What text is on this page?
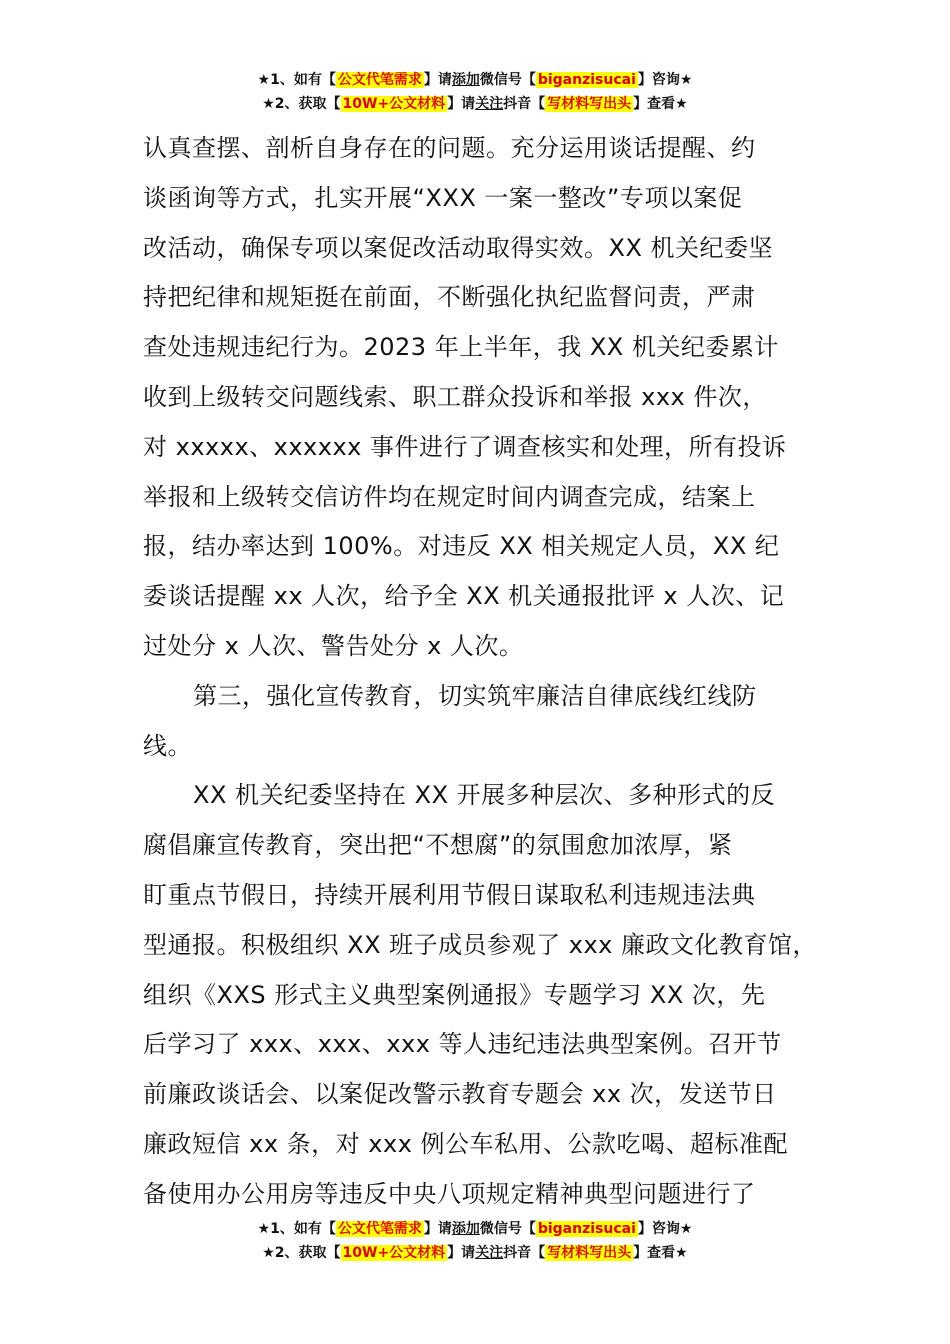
★1、如有【 公文代笔需求 】请添加微信号【 biganzisucai 】咨询★
★2、获取【 10W+公文材料 】请关注抖音【 写材料写出头 】查看★
认真查摆、剖析自身存在的问题。充分运用谈话提醒、约
谈函询等方式，扎实开展“XXX 一案一整改”专项以案促
改活动，确保专项以案促改活动取得实效。XX 机关纪委坚
持把纪律和规矩挺在前面，不断强化执纪监督问责，严肃
查处违规违纪行为。2023 年上半年，我 XX 机关纪委累计
收到上级转交问题线索、职工群众投诉和举报 xxx 件次，
对 xxxxx、xxxxxx 事件进行了调查核实和处理，所有投诉
举报和上级转交信访件均在规定时间内调查完成，结案上
报，结办率达到 100%。对违反 XX 相关规定人员，XX 纪
委谈话提醒 xx 人次，给予全 XX 机关通报批评 x 人次、记
过处分 x 人次、警告处分 x 人次。
第三，强化宣传教育，切实筑牢廉洁自律底线红线防
线。
XX 机关纪委坚持在 XX 开展多种层次、多种形式的反
腐倡廉宣传教育，突出把“不想腐”的氛围愈加浓厚，紧
盯重点节假日，持续开展利用节假日谋取私利违规违法典
型通报。积极组织 XX 班子成员参观了 xxx 廉政文化教育馆，
组织《XXS 形式主义典型案例通报》专题学习 XX 次，先
后学习了 xxx、xxx、xxx 等人违纪违法典型案例。召开节
前廉政谈话会、以案促改警示教育专题会 xx 次，发送节日
廉政短信 xx 条，对 xxx 例公车私用、公款吃喝、超标准配
备使用办公用房等违反中央八项规定精神典型问题进行了
★1、如有【 公文代笔需求 】请添加微信号【 biganzisucai 】咨询★
★2、获取【 10W+公文材料 】请关注抖音【 写材料写出头 】查看★
